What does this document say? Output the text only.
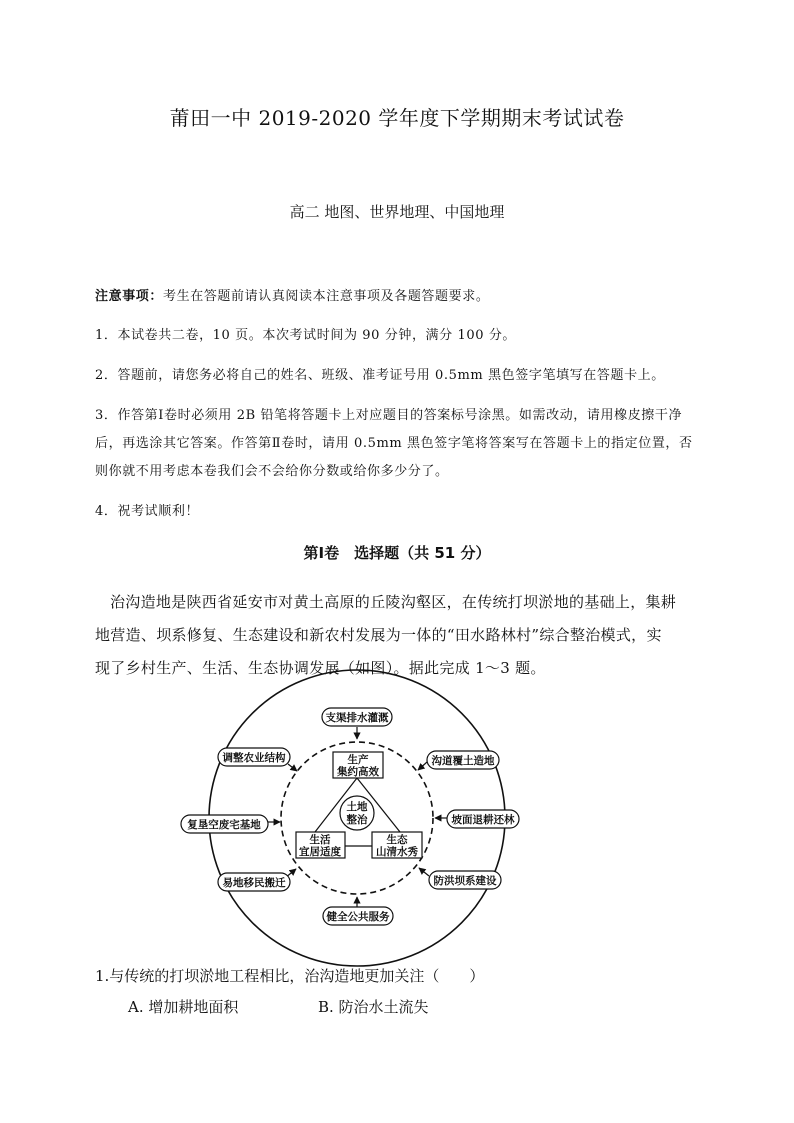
莆田一中 2019-2020 学年度下学期期末考试试卷
高二 地图、世界地理、中国地理
注意事项：考生在答题前请认真阅读本注意事项及各题答题要求。
1．本试卷共二卷，10 页。本次考试时间为 90 分钟，满分 100 分。
2．答题前，请您务必将自己的姓名、班级、准考证号用 0.5mm 黑色签字笔填写在答题卡上。
3．作答第Ⅰ卷时必须用 2B 铅笔将答题卡上对应题目的答案标号涂黑。如需改动，请用橡皮擦干净
后，再选涂其它答案。作答第Ⅱ卷时，请用 0.5mm 黑色签字笔将答案写在答题卡上的指定位置，否
则你就不用考虑本卷我们会不会给你分数或给你多少分了。
4．祝考试顺利！
第Ⅰ卷　选择题（共 51 分）
治沟造地是陕西省延安市对黄土高原的丘陵沟壑区，在传统打坝淤地的基础上，集耕
地营造、坝系修复、生态建设和新农村发展为一体的“田水路林村”综合整治模式，实
现了乡村生产、生活、生态协调发展（如图）。据此完成 1～3 题。
土地
整治
生产
集约高效
生活
宜居适度
生态
山清水秀
支渠排水灌溉
沟道覆土造地
坡面退耕还林
防洪坝系建设
健全公共服务
易地移民搬迁
复垦空废宅基地
调整农业结构
1.与传统的打坝淤地工程相比，治沟造地更加关注（　　）
A. 增加耕地面积	B. 防治水土流失
